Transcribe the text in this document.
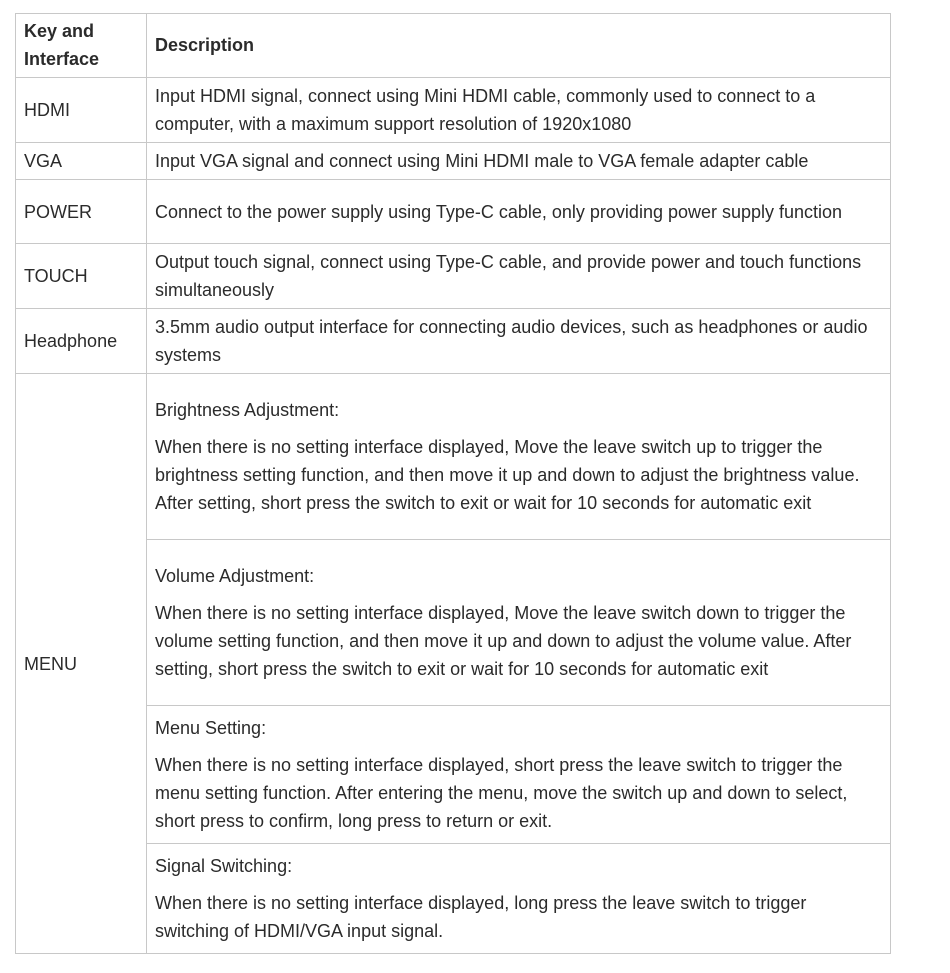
Key and Interface	Description
HDMI	Input HDMI signal, connect using Mini HDMI cable, commonly used to connect to a computer, with a maximum support resolution of 1920x1080
VGA	Input VGA signal and connect using Mini HDMI male to VGA female adapter cable
POWER	Connect to the power supply using Type-C cable, only providing power supply function
TOUCH	Output touch signal, connect using Type-C cable, and provide power and touch functions simultaneously
Headphone	3.5mm audio output interface for connecting audio devices, such as headphones or audio systems
MENU	Brightness Adjustment:

When there is no setting interface displayed, Move the leave switch up to trigger the brightness setting function, and then move it up and down to adjust the brightness value. After setting, short press the switch to exit or wait for 10 seconds for automatic exit

	Volume Adjustment:

When there is no setting interface displayed, Move the leave switch down to trigger the volume setting function, and then move it up and down to adjust the volume value. After setting, short press the switch to exit or wait for 10 seconds for automatic exit

	Menu Setting:

When there is no setting interface displayed, short press the leave switch to trigger the menu setting function. After entering the menu, move the switch up and down to select, short press to confirm, long press to return or exit.

	Signal Switching:

When there is no setting interface displayed, long press the leave switch to trigger switching of HDMI/VGA input signal.
